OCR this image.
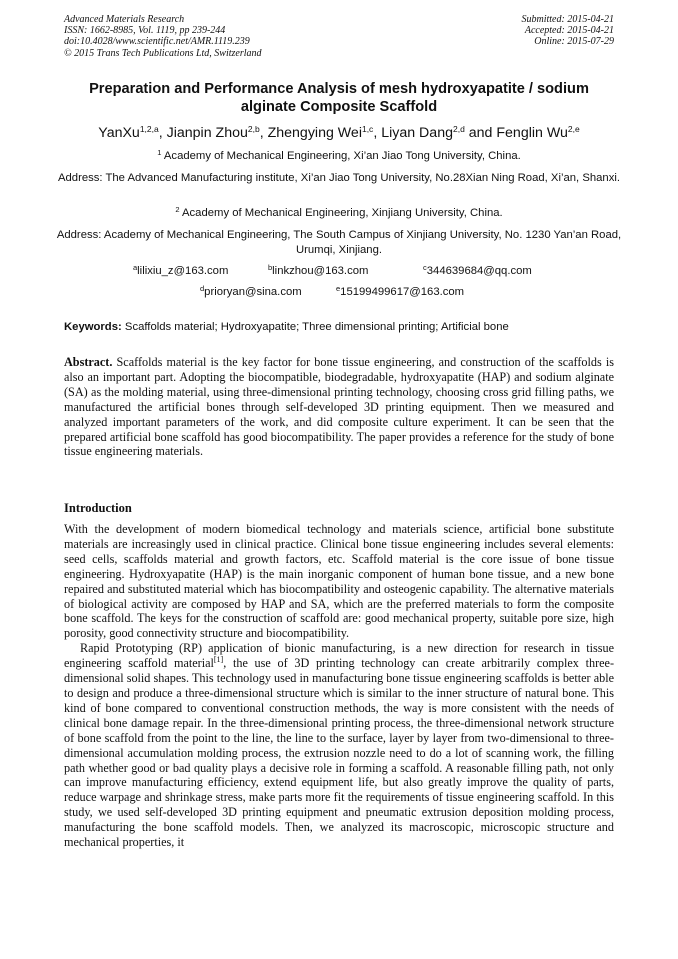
Advanced Materials Research
ISSN: 1662-8985, Vol. 1119, pp 239-244
doi:10.4028/www.scientific.net/AMR.1119.239
© 2015 Trans Tech Publications Ltd, Switzerland
Submitted: 2015-04-21
Accepted: 2015-04-21
Online: 2015-07-29
Preparation and Performance Analysis of mesh hydroxyapatite / sodium
alginate Composite Scaffold
YanXu$^{1,2,a}$, Jianpin Zhou$^{2,b}$, Zhengying Wei$^{1,c}$, Liyan Dang$^{2,d}$ and Fenglin Wu$^{2,e}$
$^1$ Academy of Mechanical Engineering, Xi’an Jiao Tong University, China.
Address: The Advanced Manufacturing institute, Xi’an Jiao Tong University, No.28Xian Ning Road, Xi’an, Shanxi.
$^2$ Academy of Mechanical Engineering, Xinjiang University, China.
Address: Academy of Mechanical Engineering, The South Campus of Xinjiang University, No. 1230 Yan’an Road, Urumqi, Xinjiang.
$^a$lilixiu_z@163.com	$^b$linkzhou@163.com	$^c$344639684@qq.com
$^d$prioryan@sina.com	$^e$15199499617@163.com
Keywords: Scaffolds material; Hydroxyapatite; Three dimensional printing; Artificial bone

Abstract. Scaffolds material is the key factor for bone tissue engineering, and construction of the scaffolds is also an important part. Adopting the biocompatible, biodegradable, hydroxyapatite (HAP) and sodium alginate (SA) as the molding material, using three-dimensional printing technology, choosing cross grid filling paths, we manufactured the artificial bones through self-developed 3D printing equipment. Then we measured and analyzed important parameters of the work, and did composite culture experiment. It can be seen that the prepared artificial bone scaffold has good biocompatibility. The paper provides a reference for the study of bone tissue engineering materials.

Introduction

With the development of modern biomedical technology and materials science, artificial bone substitute materials are increasingly used in clinical practice. Clinical bone tissue engineering includes several elements: seed cells, scaffolds material and growth factors, etc. Scaffold material is the core issue of bone tissue engineering. Hydroxyapatite (HAP) is the main inorganic component of human bone tissue, and a new bone repaired and substituted material which has biocompatibility and osteogenic capability. The alternative materials of biological activity are composed by HAP and SA, which are the preferred materials to form the composite bone scaffold. The keys for the construction of scaffold are: good mechanical property, suitable pore size, high porosity, good connectivity structure and biocompatibility.

Rapid Prototyping (RP) application of bionic manufacturing, is a new direction for research in tissue engineering scaffold material[1], the use of 3D printing technology can create arbitrarily complex three-dimensional solid shapes. This technology used in manufacturing bone tissue engineering scaffolds is better able to design and produce a three-dimensional structure which is similar to the inner structure of natural bone. This kind of bone compared to conventional construction methods, the way is more consistent with the needs of clinical bone damage repair. In the three-dimensional printing process, the three-dimensional network structure of bone scaffold from the point to the line, the line to the surface, layer by layer from two-dimensional to three-dimensional accumulation molding process, the extrusion nozzle need to do a lot of scanning work, the filling path whether good or bad quality plays a decisive role in forming a scaffold. A reasonable filling path, not only can improve manufacturing efficiency, extend equipment life, but also greatly improve the quality of parts, reduce warpage and shrinkage stress, make parts more fit the requirements of tissue engineering scaffold. In this study, we used self-developed 3D printing equipment and pneumatic extrusion deposition molding process, manufacturing the bone scaffold models. Then, we analyzed its macroscopic, microscopic structure and mechanical properties, it
